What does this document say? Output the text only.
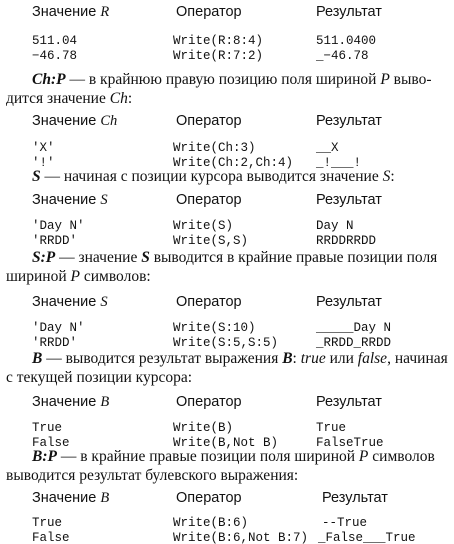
Значение R	Оператор	Результат
511.04	Write(R:8:4)	511.0400
−46.78	Write(R:7:2)	_−46.78
Ch:P — в крайнюю правую позицию поля шириной P выво-
дится значение Ch:
Значение Ch	Оператор	Результат
'X'	Write(Ch:3)	__X
'!'	Write(Ch:2,Ch:4) _!___!
S — начиная с позиции курсора выводится значение S:
Значение S	Оператор	Результат
'Day N'	Write(S)	Day N
'RRDD'	Write(S,S)	RRDDRRDD
S:P — значение S выводится в крайние правые позиции поля
шириной P символов:
Значение S	Оператор	Результат
'Day N'	Write(S:10)	_____Day N
'RRDD'	Write(S:5,S:5)	_RRDD_RRDD
B — выводится результат выражения B: true или false, начиная
с текущей позиции курсора:
Значение B	Оператор	Результат
True	Write(B)	True
False	Write(B,Not B)	FalseTrue
B:P — в крайние правые позиции поля шириной P символов
выводится результат булевского выражения:
Значение B	Оператор	Результат
True	Write(B:6)	--True
False	Write(B:6,Not B:7) _False___True
